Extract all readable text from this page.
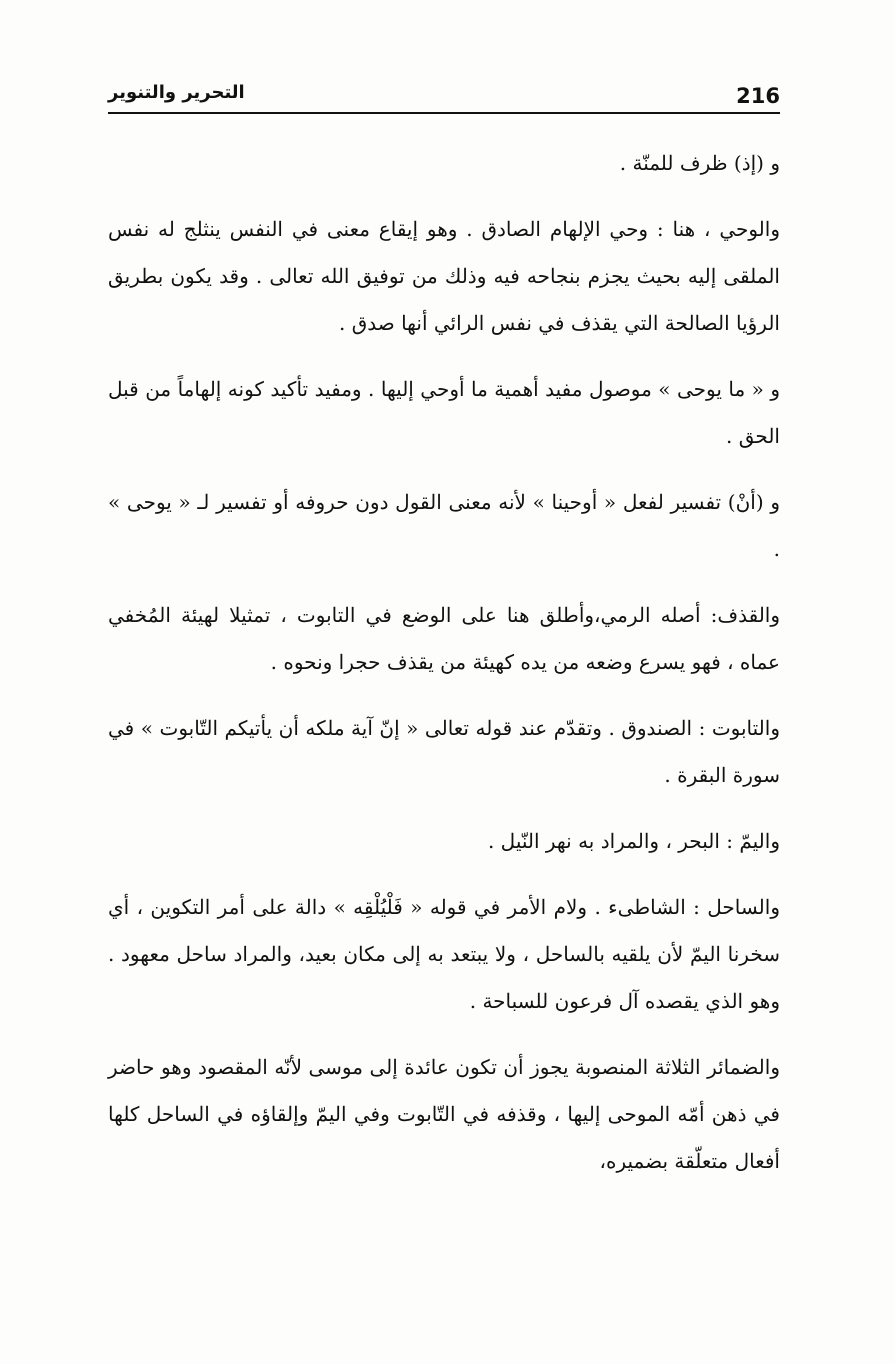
216
التحرير والتنوير

و (إذ) ظرف للمنّة .

والوحي ، هنا : وحي الإلهام الصادق . وهو إيقاع معنى في النفس ينثلج له نفس الملقى إليه بحيث يجزم بنجاحه فيه وذلك من توفيق الله تعالى . وقد يكون بطريق الرؤيا الصالحة التي يقذف في نفس الرائي أنها صدق .

و « ما يوحى » موصول مفيد أهمية ما أوحي إليها . ومفيد تأكيد كونه إلهاماً من قبل الحق .

و (أنْ) تفسير لفعل « أوحينا » لأنه معنى القول دون حروفه أو تفسير لـ « يوحى » .

والقذف: أصله الرمي،وأطلق هنا على الوضع في التابوت ، تمثيلا لهيئة المُخفي عماه ، فهو يسرع وضعه من يده كهيئة من يقذف حجرا ونحوه .

والتابوت : الصندوق . وتقدّم عند قوله تعالى « إنّ آية ملكه أن يأتيكم التّابوت » في سورة البقرة .

واليمّ : البحر ، والمراد به نهر النّيل .

والساحل : الشاطىء . ولام الأمر في قوله « فَلْيُلْقِه » دالة على أمر التكوين ، أي سخرنا اليمّ لأن يلقيه بالساحل ، ولا يبتعد به إلى مكان بعيد، والمراد ساحل معهود . وهو الذي يقصده آل فرعون للسباحة .

والضمائر الثلاثة المنصوبة يجوز أن تكون عائدة إلى موسى لأنّه المقصود وهو حاضر في ذهن أمّه الموحى إليها ، وقذفه في التّابوت وفي اليمّ وإلقاؤه في الساحل كلها أفعال متعلّقة بضميره،
